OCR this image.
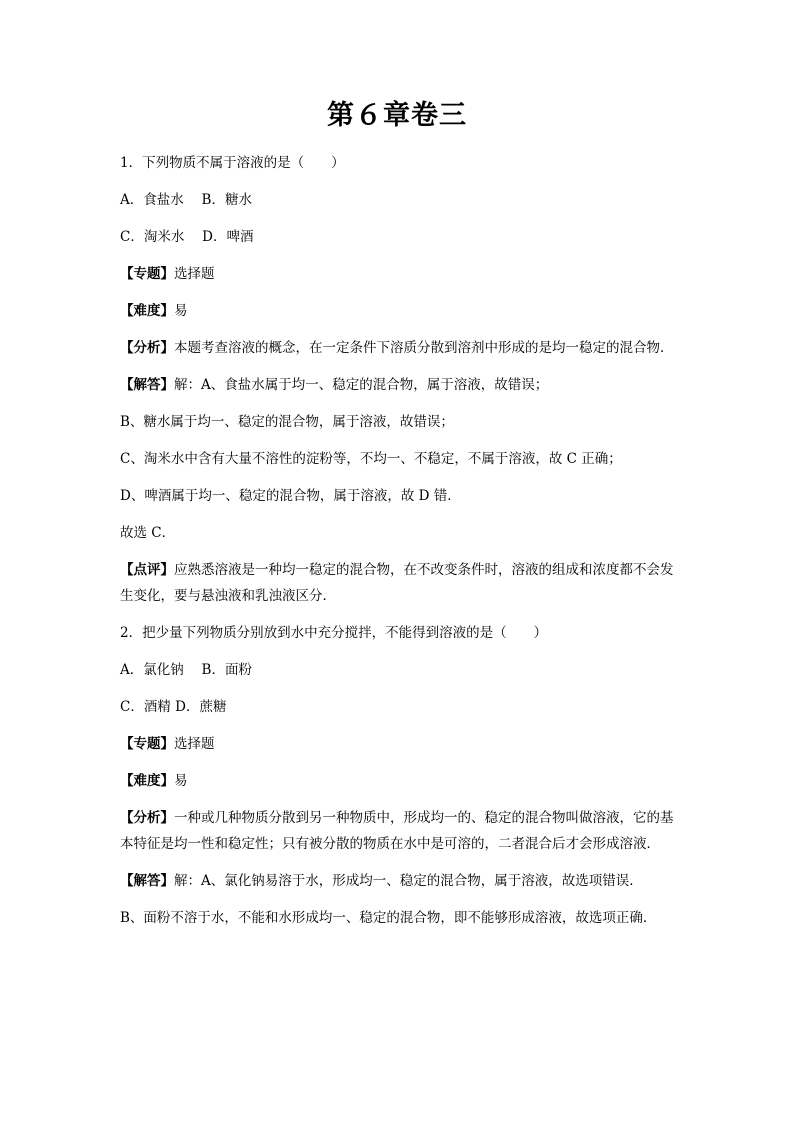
第６章卷三

1．下列物质不属于溶液的是（　　）

A．食盐水　 B．糖水

C．淘米水　 D．啤酒

【专题】选择题

【难度】易

【分析】本题考查溶液的概念，在一定条件下溶质分散到溶剂中形成的是均一稳定的混合物．

【解答】解：A、食盐水属于均一、稳定的混合物，属于溶液，故错误；

B、糖水属于均一、稳定的混合物，属于溶液，故错误；

C、淘米水中含有大量不溶性的淀粉等，不均一、不稳定，不属于溶液，故 C 正确；

D、啤酒属于均一、稳定的混合物，属于溶液，故 D 错．

故选 C．

【点评】应熟悉溶液是一种均一稳定的混合物，在不改变条件时，溶液的组成和浓度都不会发生变化，要与悬浊液和乳浊液区分．

2．把少量下列物质分别放到水中充分搅拌，不能得到溶液的是（　　）

A．氯化钠　 B．面粉

C．酒精 D．蔗糖

【专题】选择题

【难度】易

【分析】一种或几种物质分散到另一种物质中，形成均一的、稳定的混合物叫做溶液，它的基本特征是均一性和稳定性；只有被分散的物质在水中是可溶的，二者混合后才会形成溶液．

【解答】解：A、氯化钠易溶于水，形成均一、稳定的混合物，属于溶液，故选项错误．

B、面粉不溶于水，不能和水形成均一、稳定的混合物，即不能够形成溶液，故选项正确．
